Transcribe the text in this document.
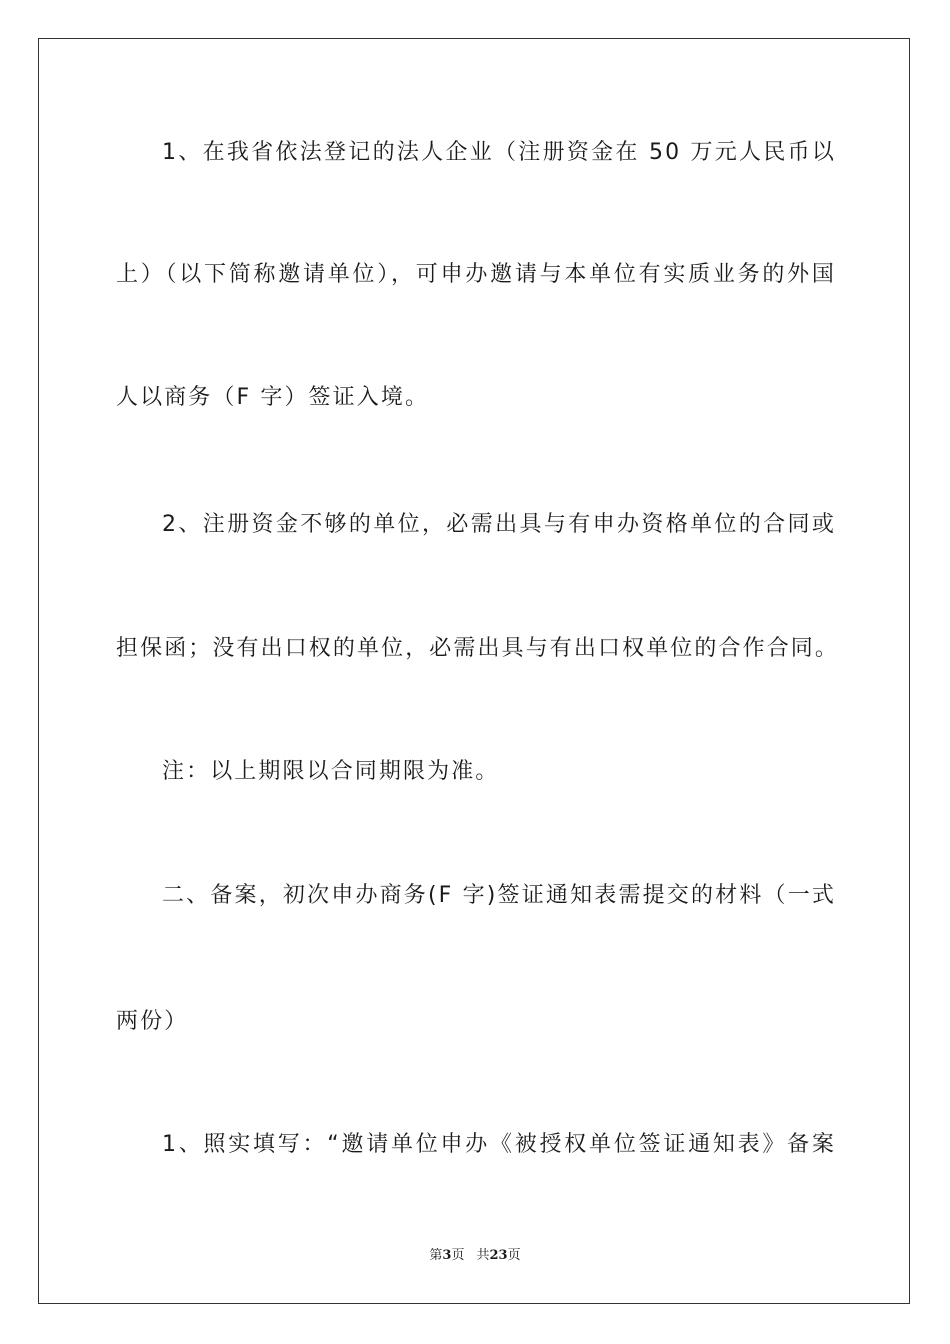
1、在我省依法登记的法人企业（注册资金在 50 万元人民币以
上）（以下简称邀请单位），可申办邀请与本单位有实质业务的外国
人以商务（F 字）签证入境。
2、注册资金不够的单位，必需出具与有申办资格单位的合同或
担保函；没有出口权的单位，必需出具与有出口权单位的合作合同。
注：以上期限以合同期限为准。
二、备案，初次申办商务(F 字)签证通知表需提交的材料（一式
两份）
1、照实填写：“邀请单位申办《被授权单位签证通知表》备案
第3页 共23页
